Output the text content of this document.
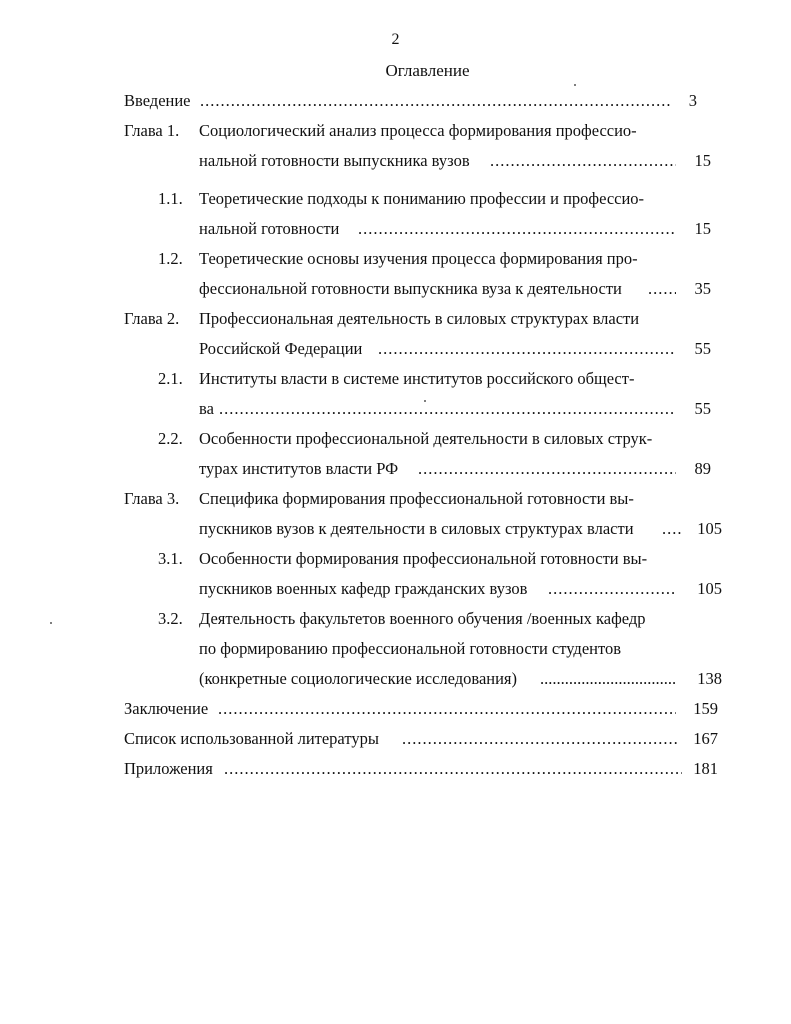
2
Оглавление
Введение .....	3
Глава 1. Социологический анализ процесса формирования профессио-
нальной готовности выпускника вузов .....	15
1.1. Теоретические подходы к пониманию профессии и профессио-
нальной готовности .....	15
1.2. Теоретические основы изучения процесса формирования про-
фессиональной готовности выпускника вуза к деятельности .....	35
Глава 2. Профессиональная деятельность в силовых структурах власти
Российской Федерации .....	55
2.1. Институты власти в системе институтов российского общест-
ва .....	55
2.2. Особенности профессиональной деятельности в силовых струк-
турах институтов власти РФ .....	89
Глава 3. Специфика формирования профессиональной готовности вы-
пускников вузов к деятельности в силовых структурах власти .....	105
3.1. Особенности формирования профессиональной готовности вы-
пускников военных кафедр гражданских вузов .....	105
3.2. Деятельность факультетов военного обучения /военных кафедр
по формированию профессиональной готовности студентов
(конкретные социологические исследования) .....	138
Заключение .....	159
Список использованной литературы .....	167
Приложения .....	181
